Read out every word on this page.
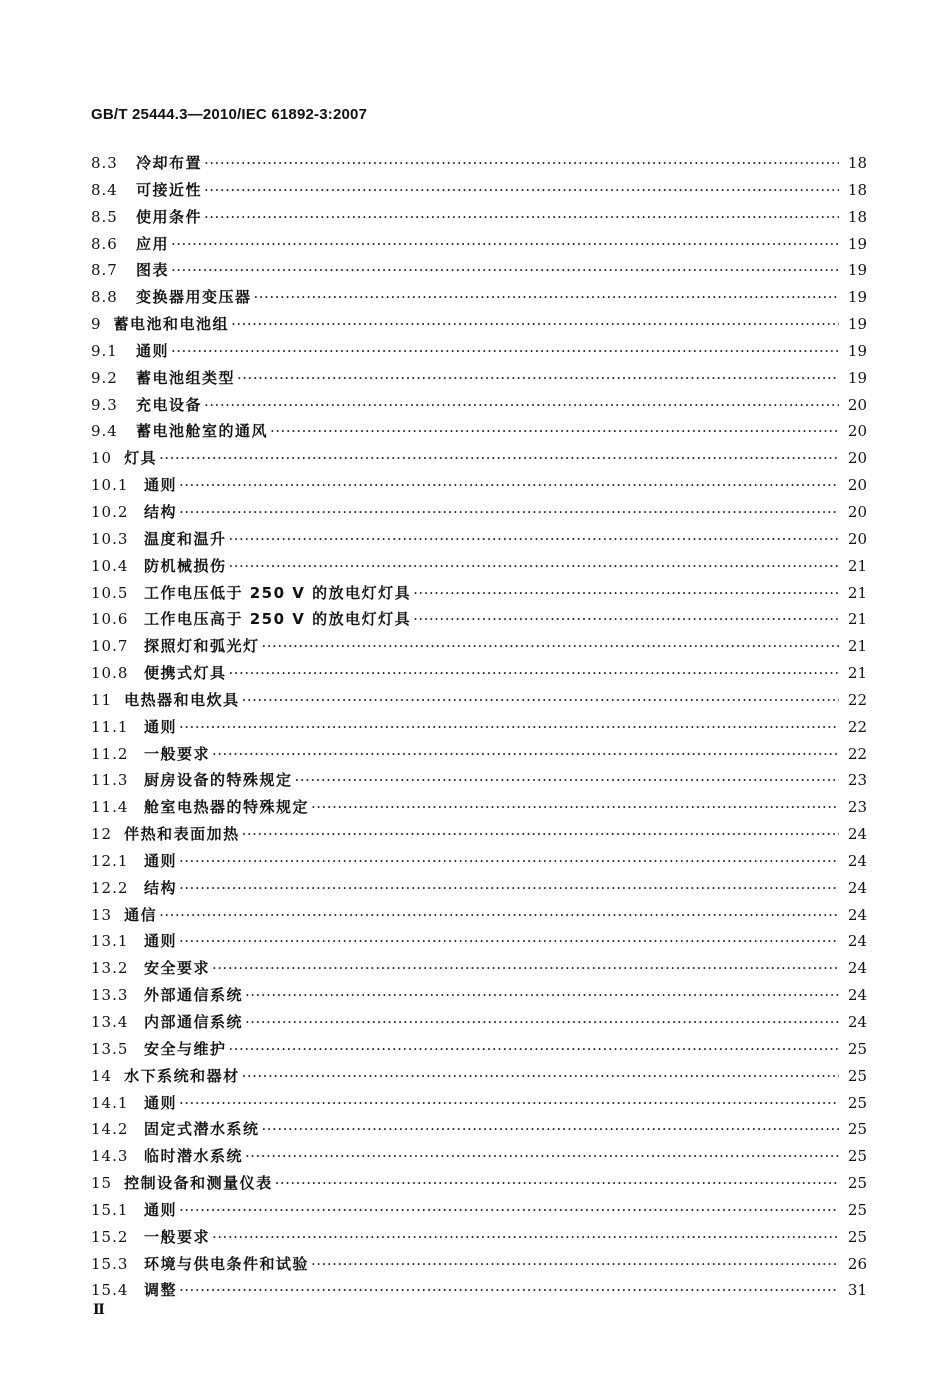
GB/T 25444.3—2010/IEC 61892-3:2007
8.3	冷却布置 ·····	18
8.4	可接近性 ·····	18
8.5	使用条件 ·····	18
8.6	应用 ·····	19
8.7	图表 ·····	19
8.8	变换器用变压器 ·····	19
9 蓄电池和电池组 ·····	19
9.1	通则 ·····	19
9.2	蓄电池组类型 ·····	19
9.3	充电设备 ·····	20
9.4	蓄电池舱室的通风 ·····	20
10 灯具 ·····	20
10.1	通则 ·····	20
10.2	结构 ·····	20
10.3	温度和温升 ·····	20
10.4	防机械损伤 ·····	21
10.5	工作电压低于 250 V 的放电灯灯具 ·····	21
10.6	工作电压高于 250 V 的放电灯灯具 ·····	21
10.7	探照灯和弧光灯 ·····	21
10.8	便携式灯具 ·····	21
11 电热器和电炊具 ·····	22
11.1	通则 ·····	22
11.2	一般要求 ·····	22
11.3	厨房设备的特殊规定 ·····	23
11.4	舱室电热器的特殊规定 ·····	23
12 伴热和表面加热 ·····	24
12.1	通则 ·····	24
12.2	结构 ·····	24
13 通信 ·····	24
13.1	通则 ·····	24
13.2	安全要求 ·····	24
13.3	外部通信系统 ·····	24
13.4	内部通信系统 ·····	24
13.5	安全与维护 ·····	25
14 水下系统和器材 ·····	25
14.1	通则 ·····	25
14.2	固定式潜水系统 ·····	25
14.3	临时潜水系统 ·····	25
15 控制设备和测量仪表 ·····	25
15.1	通则 ·····	25
15.2	一般要求 ·····	25
15.3	环境与供电条件和试验 ·····	26
15.4	调整 ·····	31
Ⅱ
